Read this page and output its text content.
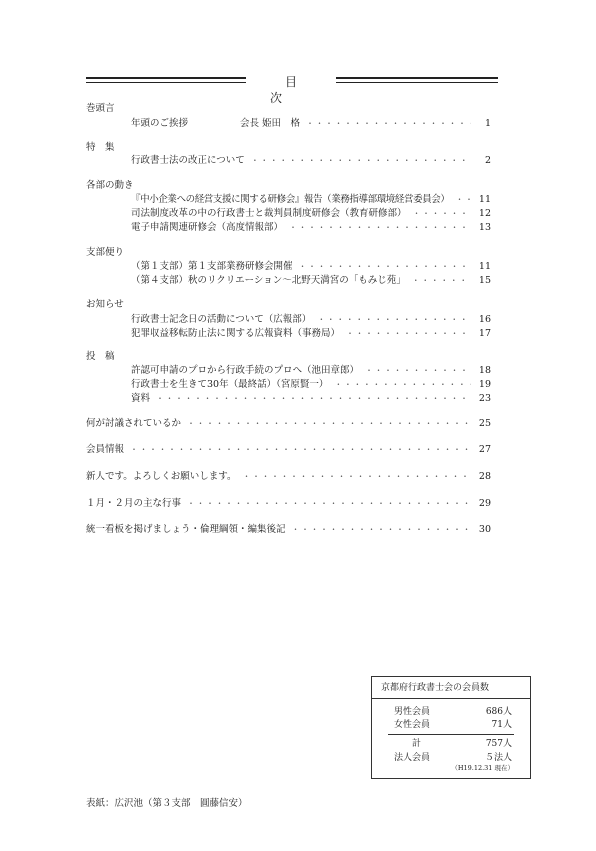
目　次
巻頭言
年頭のご挨拶	会長 姫田　格 ・・・・・・・・・・・・・・・・・・・・・・・・・・・・・・・・・・・・・・・・・・・・・・・・・・・・・・・・・・・・・・・・・・・・・・・・	1
特　集
行政書士法の改正について ・・・・・・・・・・・・・・・・・・・・・・・・・・・・・・・・・・・・・・・・・・・・・・・・・・・・・・・・・・・・・・・・・・・・・・・・	2
各部の動き
『中小企業への経営支援に関する研修会』報告（業務指導部環境経営委員会） ・・・・・・・・・・・・・・・・・・・・・・・・・・・・・・・・・・・・・・・・・・・・・・・・・・・・・・・・・・・・・・・・・・・・・・・・	11
司法制度改革の中の行政書士と裁判員制度研修会（教育研修部） ・・・・・・・・・・・・・・・・・・・・・・・・・・・・・・・・・・・・・・・・・・・・・・・・・・・・・・・・・・・・・・・・・・・・・・・・	12
電子申請関連研修会（高度情報部） ・・・・・・・・・・・・・・・・・・・・・・・・・・・・・・・・・・・・・・・・・・・・・・・・・・・・・・・・・・・・・・・・・・・・・・・・	13
支部便り
（第１支部）第１支部業務研修会開催 ・・・・・・・・・・・・・・・・・・・・・・・・・・・・・・・・・・・・・・・・・・・・・・・・・・・・・・・・・・・・・・・・・・・・・・・・	11
（第４支部）秋のリクリエーション〜北野天満宮の「もみじ苑」 ・・・・・・・・・・・・・・・・・・・・・・・・・・・・・・・・・・・・・・・・・・・・・・・・・・・・・・・・・・・・・・・・・・・・・・・・	15
お知らせ
行政書士記念日の活動について（広報部） ・・・・・・・・・・・・・・・・・・・・・・・・・・・・・・・・・・・・・・・・・・・・・・・・・・・・・・・・・・・・・・・・・・・・・・・・	16
犯罪収益移転防止法に関する広報資料（事務局） ・・・・・・・・・・・・・・・・・・・・・・・・・・・・・・・・・・・・・・・・・・・・・・・・・・・・・・・・・・・・・・・・・・・・・・・・	17
投　稿
許認可申請のプロから行政手続のプロへ（池田章郎） ・・・・・・・・・・・・・・・・・・・・・・・・・・・・・・・・・・・・・・・・・・・・・・・・・・・・・・・・・・・・・・・・・・・・・・・・	18
行政書士を生きて30年（最終話）（宮原賢一） ・・・・・・・・・・・・・・・・・・・・・・・・・・・・・・・・・・・・・・・・・・・・・・・・・・・・・・・・・・・・・・・・・・・・・・・・	19
資料 ・・・・・・・・・・・・・・・・・・・・・・・・・・・・・・・・・・・・・・・・・・・・・・・・・・・・・・・・・・・・・・・・・・・・・・・・	23
何が討議されているか ・・・・・・・・・・・・・・・・・・・・・・・・・・・・・・・・・・・・・・・・・・・・・・・・・・・・・・・・・・・・・・・・・・・・・・・・	25
会員情報 ・・・・・・・・・・・・・・・・・・・・・・・・・・・・・・・・・・・・・・・・・・・・・・・・・・・・・・・・・・・・・・・・・・・・・・・・	27
新人です。よろしくお願いします。 ・・・・・・・・・・・・・・・・・・・・・・・・・・・・・・・・・・・・・・・・・・・・・・・・・・・・・・・・・・・・・・・・・・・・・・・・	28
１月・２月の主な行事 ・・・・・・・・・・・・・・・・・・・・・・・・・・・・・・・・・・・・・・・・・・・・・・・・・・・・・・・・・・・・・・・・・・・・・・・・	29
統一看板を掲げましょう・倫理綱領・編集後記 ・・・・・・・・・・・・・・・・・・・・・・・・・・・・・・・・・・・・・・・・・・・・・・・・・・・・・・・・・・・・・・・・・・・・・・・・	30
京都府行政書士会の会員数
男性会員	686人
女性会員	71人
計	757人
法人会員	５法人
（H19.12.31 現在）
表紙：広沢池（第３支部　圓藤信安）
